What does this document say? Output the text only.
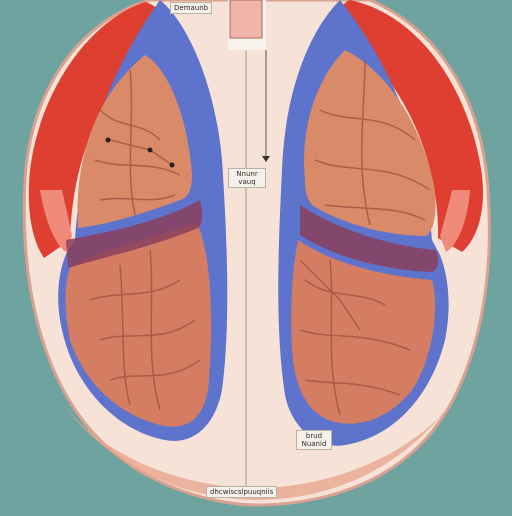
Demaunb
Nnunr vauq
brud Nuanid
dhcwiscslpuuqniis
